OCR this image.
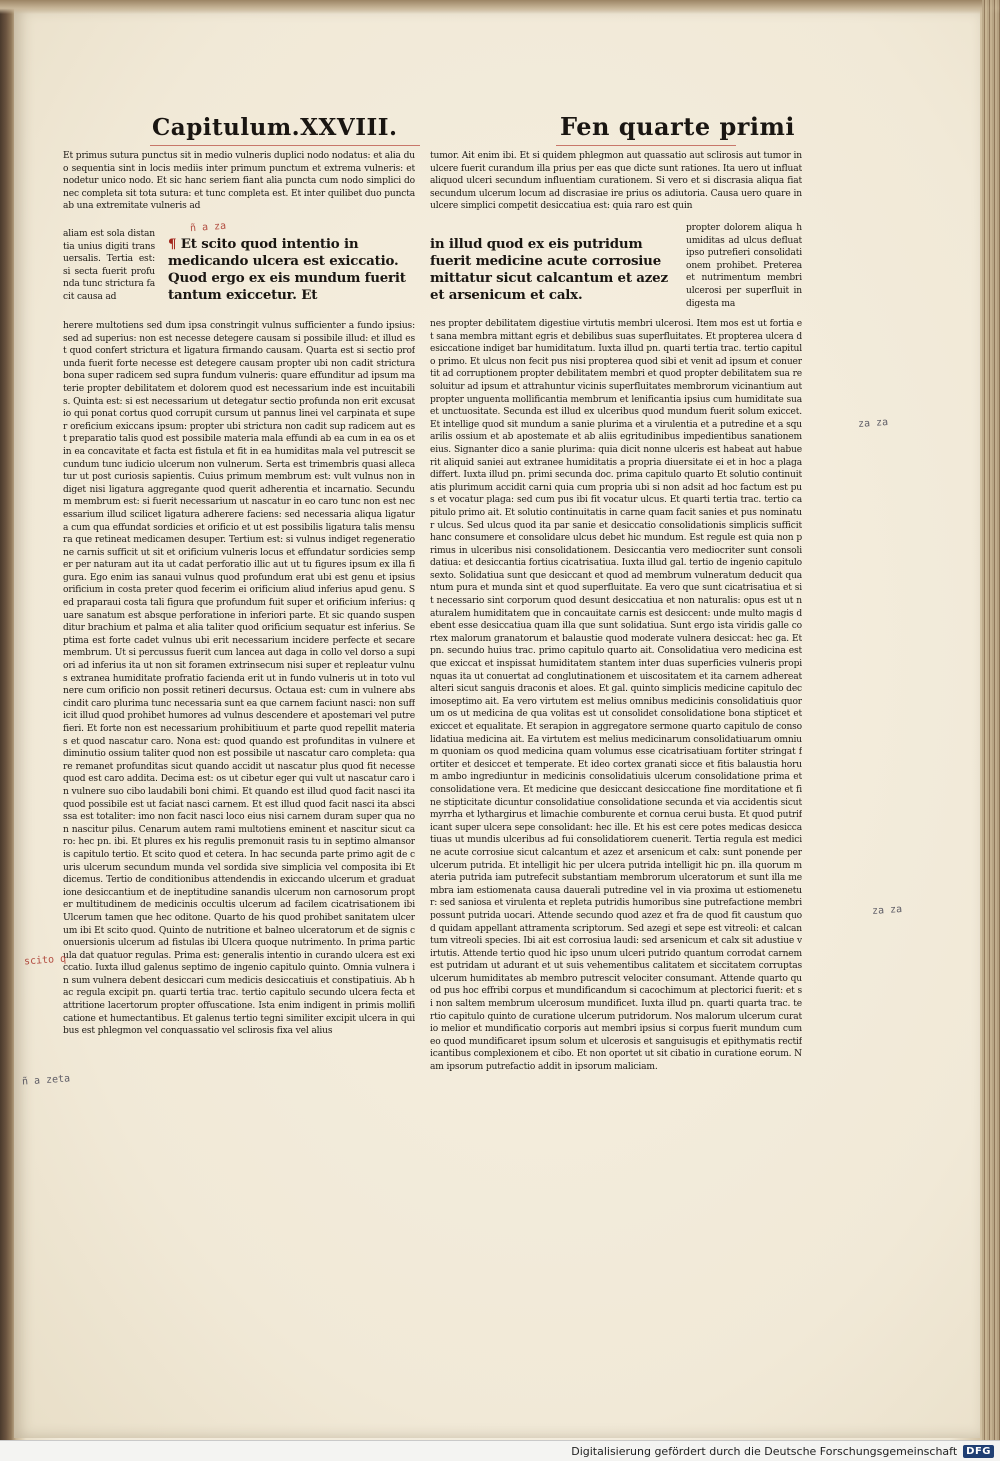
Capitulum.XXVIII.	Fen quarte primi

Et primus sutura punctus sit in medio vulneris duplici nodo nodatus: et alia duo sequentia sint in locis mediis inter primum punctum et extrema vulneris: et nodetur unico nodo. Et sic hanc seriem fiant alia puncta cum nodo simplici donec completa sit tota sutura: et tunc completa est. Et inter quilibet duo puncta ab una extremitate vulneris ad

aliam est sola distantia unius digiti transuersalis. Tertia est: si secta fuerit profunda tunc strictura facit causa ad

¶ Et scito quod intentio in medicando ulcera est exiccatio. Quod ergo ex eis mundum fuerit tantum exiccetur. Et

herere multotiens sed dum ipsa constringit vulnus sufficienter a fundo ipsius: sed ad superius: non est necesse detegere causam si possibile illud: et illud est quod confert strictura et ligatura firmando causam. Quarta est si sectio profunda fuerit forte necesse est detegere causam propter ubi non cadit strictura bona super radicem sed supra fundum vulneris: quare effunditur ad ipsum materie propter debilitatem et dolorem quod est necessarium inde est incuitabilis. Quinta est: si est necessarium ut detegatur sectio profunda non erit excusatio qui ponat cortus quod corrupit cursum ut pannus linei vel carpinata et super oreficium exiccans ipsum: propter ubi strictura non cadit sup radicem aut est preparatio talis quod est possibile materia mala effundi ab ea cum in ea os et in ea concavitate et facta est fistula et fit in ea humiditas mala vel putrescit secundum tunc iudicio ulcerum non vulnerum. Serta est trimembris quasi allecatur ut post curiosis sapientis. Cuius primum membrum est: vult vulnus non indiget nisi ligatura aggregante quod querit adherentia et incarnatio. Secundum membrum est: si fuerit necessarium ut nascatur in eo caro tunc non est necessarium illud scilicet ligatura adherere faciens: sed necessaria aliqua ligatura cum qua effundat sordicies et orificio et ut est possibilis ligatura talis mensura que retineat medicamen desuper. Tertium est: si vulnus indiget regeneratione carnis sufficit ut sit et orificium vulneris locus et effundatur sordicies semper per naturam aut ita ut cadat perforatio illic aut ut tu figures ipsum ex illa figura. Ego enim ias sanaui vulnus quod profundum erat ubi est genu et ipsius orificium in costa preter quod fecerim ei orificium aliud inferius apud genu. Sed praparaui costa tali figura que profundum fuit super et orificium inferius: quare sanatum est absque perforatione in inferiori parte. Et sic quando suspenditur brachium et palma et alia taliter quod orificium sequatur est inferius. Septima est forte cadet vulnus ubi erit necessarium incidere perfecte et secare membrum. Ut si percussus fuerit cum lancea aut daga in collo vel dorso a supiori ad inferius ita ut non sit foramen extrinsecum nisi super et repleatur vulnus extranea humiditate profratio facienda erit ut in fundo vulneris ut in toto vulnere cum orificio non possit retineri decursus. Octaua est: cum in vulnere abscindit caro plurima tunc necessaria sunt ea que carnem faciunt nasci: non sufficit illud quod prohibet humores ad vulnus descendere et apostemari vel putrefieri. Et forte non est necessarium prohibitiuum et parte quod repellit materias et quod nascatur caro. Nona est: quod quando est profunditas in vulnere et diminutio ossium taliter quod non est possibile ut nascatur caro completa: quare remanet profunditas sicut quando accidit ut nascatur plus quod fit necesse quod est caro addita. Decima est: os ut cibetur eger qui vult ut nascatur caro in vulnere suo cibo laudabili boni chimi. Et quando est illud quod facit nasci ita quod possibile est ut faciat nasci carnem. Et est illud quod facit nasci ita abscissa est totaliter: imo non facit nasci loco eius nisi carnem duram super qua non nascitur pilus. Cenarum autem rami multotiens eminent et nascitur sicut caro: hec pn. ibi. Et plures ex his regulis premonuit rasis tu in septimo almansoris capitulo tertio. Et scito quod et cetera. In hac secunda parte primo agit de curis ulcerum secundum munda vel sordida sive simplicia vel composita ibi Et dicemus. Tertio de conditionibus attendendis in exiccando ulcerum et graduatione desiccantium et de ineptitudine sanandis ulcerum non carnosorum propter multitudinem de medicinis occultis ulcerum ad facilem cicatrisationem ibi Ulcerum tamen que hec oditone. Quarto de his quod prohibet sanitatem ulcerum ibi Et scito quod. Quinto de nutritione et balneo ulceratorum et de signis conuersionis ulcerum ad fistulas ibi Ulcera quoque nutrimento. In prima particula dat quatuor regulas. Prima est: generalis intentio in curando ulcera est exiccatio. Iuxta illud galenus septimo de ingenio capitulo quinto. Omnia vulnera in sum vulnera debent desiccari cum medicis desiccatiuis et constipatiuis. Ab hac regula excipit pn. quarti tertia trac. tertio capitulo secundo ulcera fecta et attritione lacertorum propter offuscatione. Ista enim indigent in primis mollificatione et humectantibus. Et galenus tertio tegni similiter excipit ulcera in quibus est phlegmon vel conquassatio vel sclirosis fixa vel alius

tumor. Ait enim ibi. Et si quidem phlegmon aut quassatio aut sclirosis aut tumor in ulcere fuerit curandum illa prius per eas que dicte sunt rationes. Ita uero ut influat aliquod ulceri secundum influentiam curationem. Si vero et si discrasia aliqua fiat secundum ulcerum locum ad discrasiae ire prius os adiutoria. Causa uero quare in ulcere simplici competit desiccatiua est: quia raro est quin

in illud quod ex eis putridum fuerit medicine acute corrosiue mittatur sicut calcantum et azez et arsenicum et calx.

propter dolorem aliqua humiditas ad ulcus defluat ipso putrefieri consolidationem prohibet. Preterea et nutrimentum membri ulcerosi per superfluit indigesta ma

nes propter debilitatem digestiue virtutis membri ulcerosi. Item mos est ut fortia et sana membra mittant egris et debilibus suas superfluitates. Et propterea ulcera desiccatione indiget bar humiditatum. Iuxta illud pn. quarti tertia trac. tertio capitulo primo. Et ulcus non fecit pus nisi propterea quod sibi et venit ad ipsum et conuertit ad corruptionem propter debilitatem membri et quod propter debilitatem sua resoluitur ad ipsum et attrahuntur vicinis superfluitates membrorum vicinantium aut propter unguenta mollificantia membrum et lenificantia ipsius cum humiditate sua et unctuositate. Secunda est illud ex ulceribus quod mundum fuerit solum exiccet. Et intellige quod sit mundum a sanie plurima et a virulentia et a putredine et a squarilis ossium et ab apostemate et ab aliis egritudinibus impedientibus sanationem eius. Signanter dico a sanie plurima: quia dicit nonne ulceris est habeat aut habuerit aliquid saniei aut extranee humiditatis a propria diuersitate ei et in hoc a plaga differt. Iuxta illud pn. primi secunda doc. prima capitulo quarto Et solutio continuitatis plurimum accidit carni quia cum propria ubi si non adsit ad hoc factum est pus et vocatur plaga: sed cum pus ibi fit vocatur ulcus. Et quarti tertia trac. tertio capitulo primo ait. Et solutio continuitatis in carne quam facit sanies et pus nominatur ulcus. Sed ulcus quod ita par sanie et desiccatio consolidationis simplicis sufficit hanc consumere et consolidare ulcus debet hic mundum. Est regule est quia non primus in ulceribus nisi consolidationem. Desiccantia vero mediocriter sunt consolidatiua: et desiccantia fortius cicatrisatiua. Iuxta illud gal. tertio de ingenio capitulo sexto. Solidatiua sunt que desiccant et quod ad membrum vulneratum deducit quantum pura et munda sint et quod superfluitate. Ea vero que sunt cicatrisatiua et sit necessario sint corporum quod desunt desiccatiua et non naturalis: opus est ut naturalem humiditatem que in concauitate carnis est desiccent: unde multo magis debent esse desiccatiua quam illa que sunt solidatiua. Sunt ergo ista viridis galle cortex malorum granatorum et balaustie quod moderate vulnera desiccat: hec ga. Et pn. secundo huius trac. primo capitulo quarto ait. Consolidatiua vero medicina est que exiccat et inspissat humiditatem stantem inter duas superficies vulneris propinquas ita ut conuertat ad conglutinationem et uiscositatem et ita carnem adhereat alteri sicut sanguis draconis et aloes. Et gal. quinto simplicis medicine capitulo decimoseptimo ait. Ea vero virtutem est melius omnibus medicinis consolidatiuis quorum os ut medicina de qua volitas est ut consolidet consolidatione bona stipticet et exiccet et equalitate. Et serapion in aggregatore sermone quarto capitulo de consolidatiua medicina ait. Ea virtutem est melius medicinarum consolidatiuarum omnium quoniam os quod medicina quam volumus esse cicatrisatiuam fortiter stringat fortiter et desiccet et temperate. Et ideo cortex granati sicce et fitis balaustia horum ambo ingrediuntur in medicinis consolidatiuis ulcerum consolidatione prima et consolidatione vera. Et medicine que desiccant desiccatione fine morditatione et fine stipticitate dicuntur consolidatiue consolidatione secunda et via accidentis sicut myrrha et lythargirus et limachie comburente et cornua cerui busta. Et quod putrificant super ulcera sepe consolidant: hec ille. Et his est cere potes medicas desiccatiuas ut mundis ulceribus ad fui consolidatiorem cuenerit. Tertia regula est medicine acute corrosiue sicut calcantum et azez et arsenicum et calx: sunt ponende per ulcerum putrida. Et intelligit hic per ulcera putrida intelligit hic pn. illa quorum materia putrida iam putrefecit substantiam membrorum ulceratorum et sunt illa membra iam estiomenata causa dauerali putredine vel in via proxima ut estiomenetur: sed saniosa et virulenta et repleta putridis humoribus sine putrefactione membri possunt putrida uocari. Attende secundo quod azez et fra de quod fit caustum quod quidam appellant attramenta scriptorum. Sed azegi et sepe est vitreoli: et calcantum vitreoli species. Ibi ait est corrosiua laudi: sed arsenicum et calx sit adustiue virtutis. Attende tertio quod hic ipso unum ulceri putrido quantum corrodat carnem est putridam ut adurant et ut suis vehementibus calitatem et siccitatem corruptas ulcerum humiditates ab membro putrescit velociter consumant. Attende quarto quod pus hoc effribi corpus et mundificandum si cacochimum at plectorici fuerit: et si non saltem membrum ulcerosum mundificet. Iuxta illud pn. quarti quarta trac. tertio capitulo quinto de curatione ulcerum putridorum. Nos malorum ulcerum curatio melior et mundificatio corporis aut membri ipsius si corpus fuerit mundum cum eo quod mundificaret ipsum solum et ulcerosis et sanguisugis et epithymatis rectificantibus complexionem et cibo. Et non oportet ut sit cibatio in curatione eorum. Nam ipsorum putrefactio addit in ipsorum maliciam.

ñ a za
scito q
ñ a zeta
za za
za za
Digitalisierung gefördert durch die Deutsche Forschungsgemeinschaft DFG
